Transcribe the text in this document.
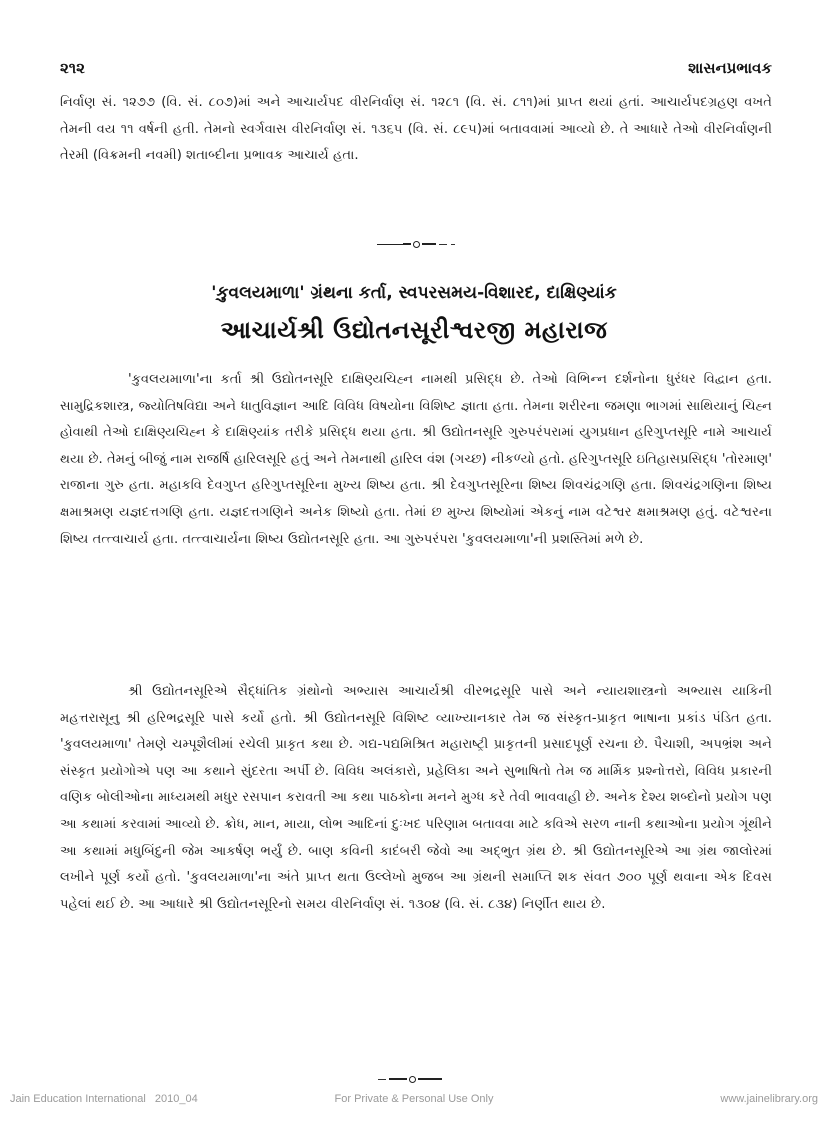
૨૧૨	શાસનપ્રભાવક

નિર્વાણ સં. ૧૨૭૭ (વિ. સં. ૮૦૭)માં અને આચાર્યપદ વીરનિર્વાણ સં. ૧૨૮૧ (વિ. સં. ૮૧૧)માં પ્રાપ્ત થયાં હતાં. આચાર્યપદગ્રહણ વખતે તેમની વય ૧૧ વર્ષની હતી. તેમનો સ્વર્ગવાસ વીરનિર્વાણ સં. ૧૩૬૫ (વિ. સં. ૮૯૫)માં બતાવવામાં આવ્યો છે. તે આધારે તેઓ વીરનિર્વાણની તેરમી (વિક્રમની નવમી) શતાબ્દીના પ્રભાવક આચાર્ય હતા.

'કુવલયમાળા' ગ્રંથના કર્તા, સ્વપરસમય-વિશારદ, દાક્ષિણ્યાંક
આચાર્યશ્રી ઉદ્યોતનસૂરીશ્વરજી મહારાજ

'કુવલયમાળા'ના કર્તા શ્રી ઉદ્યોતનસૂરિ દાક્ષિણ્યચિહ્ન નામથી પ્રસિદ્ધ છે. તેઓ વિભિન્ન દર્શનોના ધુરંધર વિદ્વાન હતા. સામુદ્રિકશાસ્ત્ર, જ્યોતિષવિદ્યા અને ધાતુવિજ્ઞાન આદિ વિવિધ વિષયોના વિશિષ્ટ જ્ઞાતા હતા. તેમના શરીરના જમણા ભાગમાં સાથિયાનું ચિહ્ન હોવાથી તેઓ દાક્ષિણ્યચિહ્ન કે દાક્ષિણ્યાંક તરીકે પ્રસિદ્ધ થયા હતા. શ્રી ઉદ્યોતનસૂરિ ગુરુપરંપરામાં યુગપ્રધાન હરિગુપ્તસૂરિ નામે આચાર્ય થયા છે. તેમનું બીજું નામ રાજર્ષિ હારિલસૂરિ હતું અને તેમનાથી હારિલ વંશ (ગચ્છ) નીકળ્યો હતો. હરિગુપ્તસૂરિ ઇતિહાસપ્રસિદ્ધ 'તોરમાણ' રાજાના ગુરુ હતા. મહાકવિ દેવગુપ્ત હરિગુપ્તસૂરિના મુખ્ય શિષ્ય હતા. શ્રી દેવગુપ્તસૂરિના શિષ્ય શિવચંદ્રગણિ હતા. શિવચંદ્રગણિના શિષ્ય ક્ષમાશ્રમણ યજ્ઞદત્તગણિ હતા. યજ્ઞદત્તગણિને અનેક શિષ્યો હતા. તેમાં છ મુખ્ય શિષ્યોમાં એકનું નામ વટેશ્વર ક્ષમાશ્રમણ હતું. વટેશ્વરના શિષ્ય તત્ત્વાચાર્ય હતા. તત્ત્વાચાર્યના શિષ્ય ઉદ્યોતનસૂરિ હતા. આ ગુરુપરંપરા 'કુવલયમાળા'ની પ્રશસ્તિમાં મળે છે.

શ્રી ઉદ્યોતનસૂરિએ સૈદ્ધાંતિક ગ્રંથોનો અભ્યાસ આચાર્યશ્રી વીરભદ્રસૂરિ પાસે અને ન્યાયશાસ્ત્રનો અભ્યાસ યાકિની મહત્તરાસૂનુ શ્રી હરિભદ્રસૂરિ પાસે કર્યો હતો. શ્રી ઉદ્યોતનસૂરિ વિશિષ્ટ વ્યાખ્યાનકાર તેમ જ સંસ્કૃત-પ્રાકૃત ભાષાના પ્રકાંડ પંડિત હતા. 'કુવલયમાળા' તેમણે ચમ્પૂશૈલીમાં રચેલી પ્રાકૃત કથા છે. ગદ્ય-પદ્યમિશ્રિત મહારાષ્ટ્રી પ્રાકૃતની પ્રસાદપૂર્ણ રચના છે. પૈચાશી, અપભ્રંશ અને સંસ્કૃત પ્રયોગોએ પણ આ કથાને સુંદરતા અર્પી છે. વિવિધ અલંકારો, પ્રહેલિકા અને સુભાષિતો તેમ જ માર્મિક પ્રશ્નોત્તરો, વિવિધ પ્રકારની વણિક બોલીઓના માધ્યમથી મધુર રસપાન કરાવતી આ કથા પાઠકોના મનને મુગ્ધ કરે તેવી ભાવવાહી છે. અનેક દેશ્ય શબ્દોનો પ્રયોગ પણ આ કથામાં કરવામાં આવ્યો છે. ક્રોધ, માન, માયા, લોભ આદિનાં દુઃખદ પરિણામ બતાવવા માટે કવિએ સરળ નાની કથાઓના પ્રયોગ ગૂંથીને આ કથામાં મધુબિંદુની જેમ આકર્ષણ ભર્યું છે. બાણ કવિની કાદંબરી જેવો આ અદ્‌ભુત ગ્રંથ છે. શ્રી ઉદ્યોતનસૂરિએ આ ગ્રંથ જાલોરમાં લખીને પૂર્ણ કર્યો હતો. 'કુવલયમાળા'ના અંતે પ્રાપ્ત થતા ઉલ્લેખો મુજબ આ ગ્રંથની સમાપ્તિ શક સંવત ૭૦૦ પૂર્ણ થવાના એક દિવસ પહેલાં થઈ છે. આ આધારે શ્રી ઉદ્યોતનસૂરિનો સમય વીરનિર્વાણ સં. ૧૩૦૪ (વિ. સં. ૮૩૪) નિર્ણીત થાય છે.

Jain Education International   2010_04	For Private & Personal Use Only	www.jainelibrary.org
